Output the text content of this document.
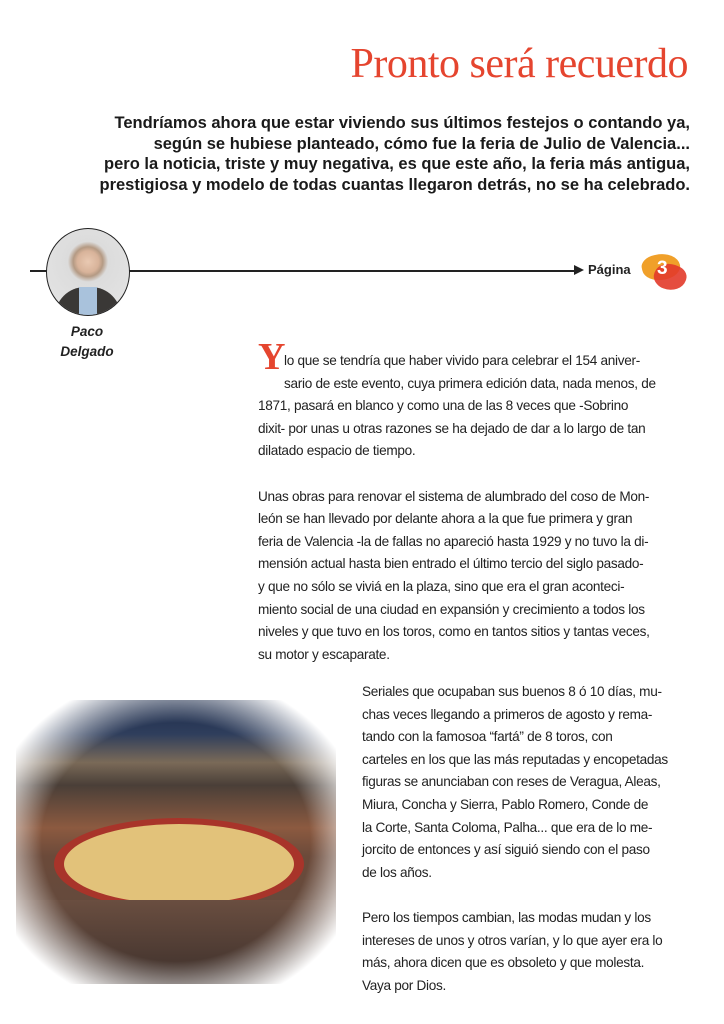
Pronto será recuerdo
Tendríamos ahora que estar viviendo sus últimos festejos o contando ya,
según se hubiese planteado, cómo fue la feria de Julio de Valencia...
pero la noticia, triste y muy negativa, es que este año, la feria más antigua,
prestigiosa y modelo de todas cuantas llegaron detrás, no se ha celebrado.
Paco
Delgado
Página 3
Y
lo que se tendría que haber vivido para celebrar el 154 aniver-
sario de este evento, cuya primera edición data, nada menos, de
1871, pasará en blanco y como una de las 8 veces que -Sobrino
dixit- por unas u otras razones se ha dejado de dar a lo largo de tan
dilatado espacio de tiempo.
Unas obras para renovar el sistema de alumbrado del coso de Mon-
león se han llevado por delante ahora a la que fue primera y gran
feria de Valencia -la de fallas no apareció hasta 1929 y no tuvo la di-
mensión actual hasta bien entrado el último tercio del siglo pasado-
y que no sólo se viviá en la plaza, sino que era el gran aconteci-
miento social de una ciudad en expansión y crecimiento a todos los
niveles y que tuvo en los toros, como en tantos sitios y tantas veces,
su motor y escaparate.
Seriales que ocupaban sus buenos 8 ó 10 días, mu-
chas veces llegando a primeros de agosto y rema-
tando con la famosoa “fartá” de 8 toros, con
carteles en los que las más reputadas y encopetadas
figuras se anunciaban con reses de Veragua, Aleas,
Miura, Concha y Sierra, Pablo Romero, Conde de
la Corte, Santa Coloma, Palha... que era de lo me-
jorcito de entonces y así siguió siendo con el paso
de los años.
Pero los tiempos cambian, las modas mudan y los
intereses de unos y otros varían, y lo que ayer era lo
más, ahora dicen que es obsoleto y que molesta.
Vaya por Dios.
